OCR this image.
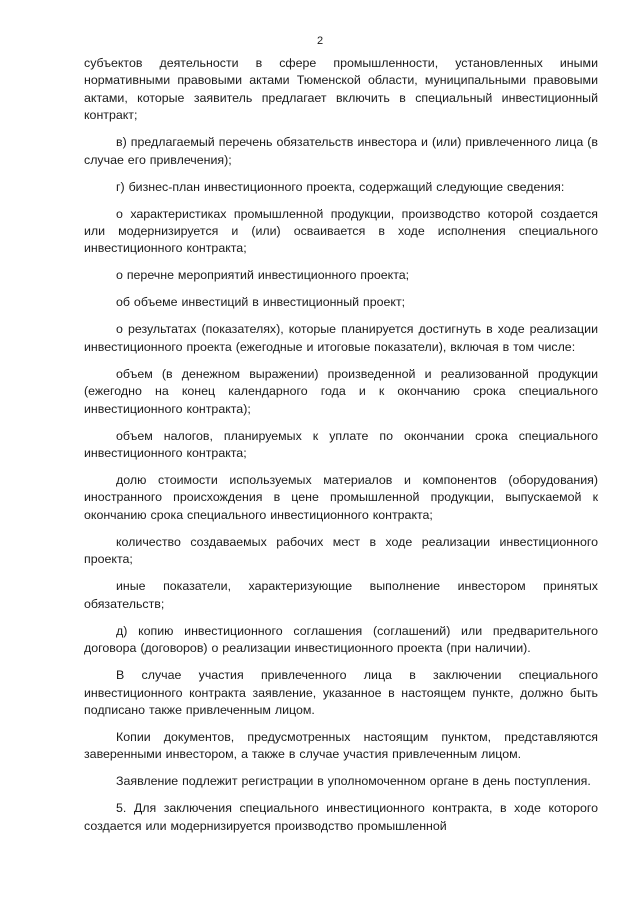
2

субъектов деятельности в сфере промышленности, установленных иными нормативными правовыми актами Тюменской области, муниципальными правовыми актами, которые заявитель предлагает включить в специальный инвестиционный контракт;

в) предлагаемый перечень обязательств инвестора и (или) привлеченного лица (в случае его привлечения);

г) бизнес-план инвестиционного проекта, содержащий следующие сведения:

о характеристиках промышленной продукции, производство которой создается или модернизируется и (или) осваивается в ходе исполнения специального инвестиционного контракта;

о перечне мероприятий инвестиционного проекта;

об объеме инвестиций в инвестиционный проект;

о результатах (показателях), которые планируется достигнуть в ходе реализации инвестиционного проекта (ежегодные и итоговые показатели), включая в том числе:

объем (в денежном выражении) произведенной и реализованной продукции (ежегодно на конец календарного года и к окончанию срока специального инвестиционного контракта);

объем налогов, планируемых к уплате по окончании срока специального инвестиционного контракта;

долю стоимости используемых материалов и компонентов (оборудования) иностранного происхождения в цене промышленной продукции, выпускаемой к окончанию срока специального инвестиционного контракта;

количество создаваемых рабочих мест в ходе реализации инвестиционного проекта;

иные показатели, характеризующие выполнение инвестором принятых обязательств;

д) копию инвестиционного соглашения (соглашений) или предварительного договора (договоров) о реализации инвестиционного проекта (при наличии).

В случае участия привлеченного лица в заключении специального инвестиционного контракта заявление, указанное в настоящем пункте, должно быть подписано также привлеченным лицом.

Копии документов, предусмотренных настоящим пунктом, представляются заверенными инвестором, а также в случае участия привлеченным лицом.

Заявление подлежит регистрации в уполномоченном органе в день поступления.

5. Для заключения специального инвестиционного контракта, в ходе которого создается или модернизируется производство промышленной
